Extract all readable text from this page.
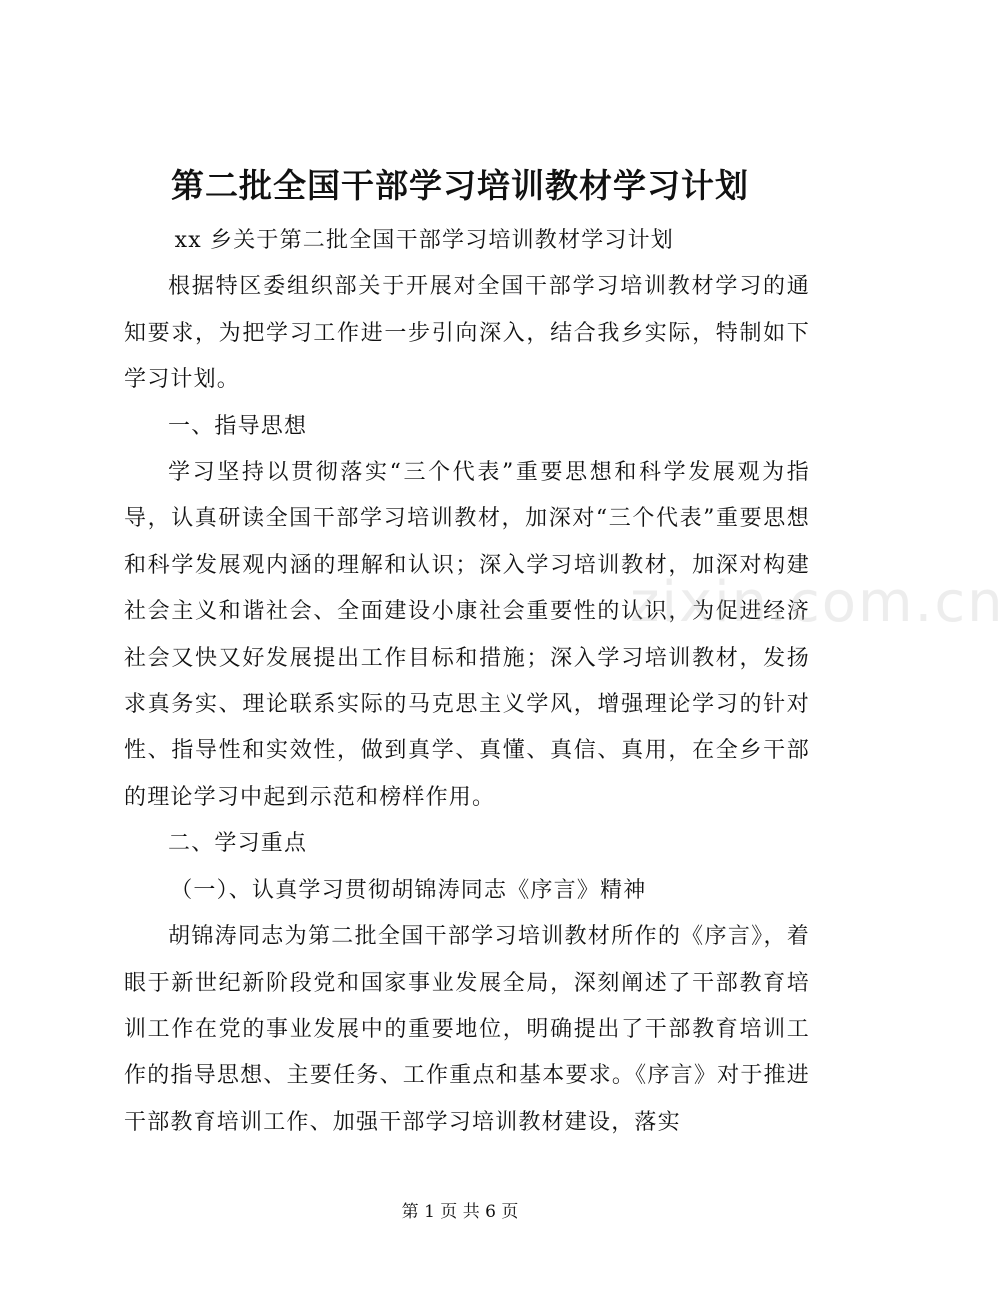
第二批全国干部学习培训教材学习计划

xx 乡关于第二批全国干部学习培训教材学习计划

根据特区委组织部关于开展对全国干部学习培训教材学习的通知要求，为把学习工作进一步引向深入，结合我乡实际，特制如下学习计划。

一、指导思想

学习坚持以贯彻落实“三个代表”重要思想和科学发展观为指导，认真研读全国干部学习培训教材，加深对“三个代表”重要思想和科学发展观内涵的理解和认识；深入学习培训教材，加深对构建社会主义和谐社会、全面建设小康社会重要性的认识，为促进经济社会又快又好发展提出工作目标和措施；深入学习培训教材，发扬求真务实、理论联系实际的马克思主义学风，增强理论学习的针对性、指导性和实效性，做到真学、真懂、真信、真用，在全乡干部的理论学习中起到示范和榜样作用。

二、学习重点

（一）、认真学习贯彻胡锦涛同志《序言》精神

胡锦涛同志为第二批全国干部学习培训教材所作的《序言》，着眼于新世纪新阶段党和国家事业发展全局，深刻阐述了干部教育培训工作在党的事业发展中的重要地位，明确提出了干部教育培训工作的指导思想、主要任务、工作重点和基本要求。《序言》对于推进干部教育培训工作、加强干部学习培训教材建设，落实

zixin.com.cn
第 1 页 共 6 页
